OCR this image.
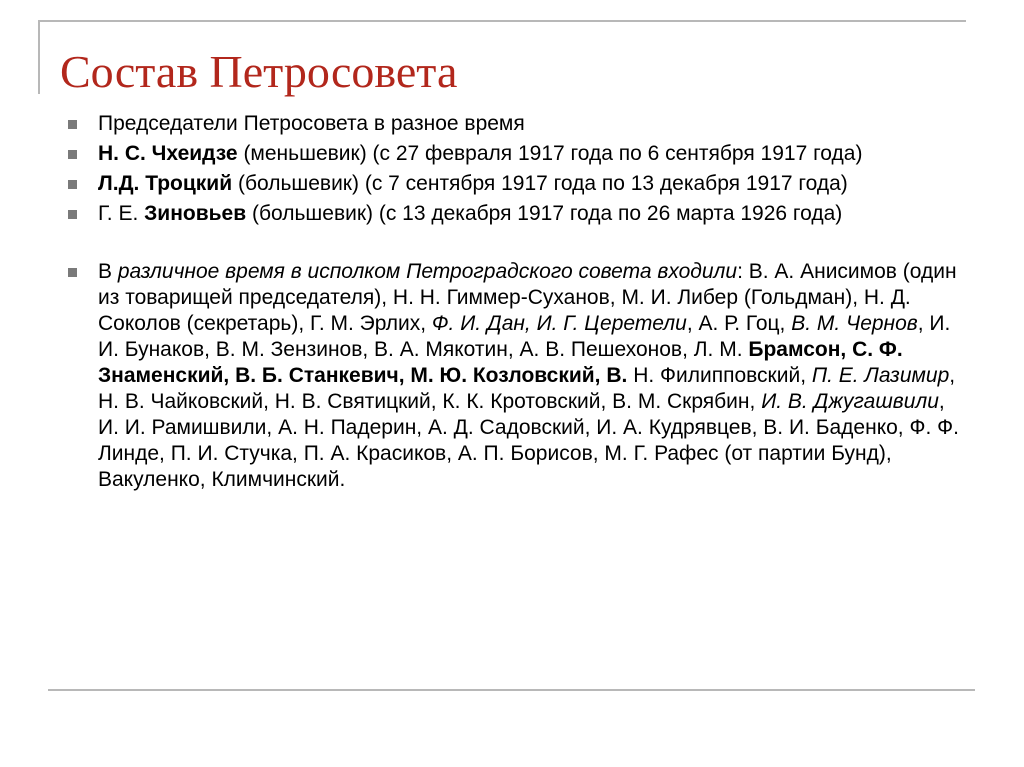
Состав Петросовета
Председатели Петросовета в разное время
Н. С. Чхеидзе (меньшевик) (с 27 февраля 1917 года по 6 сентября 1917 года)
Л.Д. Троцкий (большевик) (с 7 сентября 1917 года по 13 декабря 1917 года)
Г. Е. Зиновьев (большевик) (с 13 декабря 1917 года по 26 марта 1926 года)
В различное время в исполком Петроградского совета входили: В. А. Анисимов (один из товарищей председателя), Н. Н. Гиммер-Суханов, М. И. Либер (Гольдман), Н. Д. Соколов (секретарь), Г. М. Эрлих, Ф. И. Дан, И. Г. Церетели, А. Р. Гоц, В. М. Чернов, И. И. Бунаков, В. М. Зензинов, В. А. Мякотин, А. В. Пешехонов, Л. М. Брамсон, С. Ф. Знаменский, В. Б. Станкевич, М. Ю. Козловский, В. Н. Филипповский, П. Е. Лазимир, Н. В. Чайковский, Н. В. Святицкий, К. К. Кротовский, В. М. Скрябин, И. В. Джугашвили, И. И. Рамишвили, А. Н. Падерин, А. Д. Садовский, И. А. Кудрявцев, В. И. Баденко, Ф. Ф. Линде, П. И. Стучка, П. А. Красиков, А. П. Борисов, М. Г. Рафес (от партии Бунд), Вакуленко, Климчинский.
